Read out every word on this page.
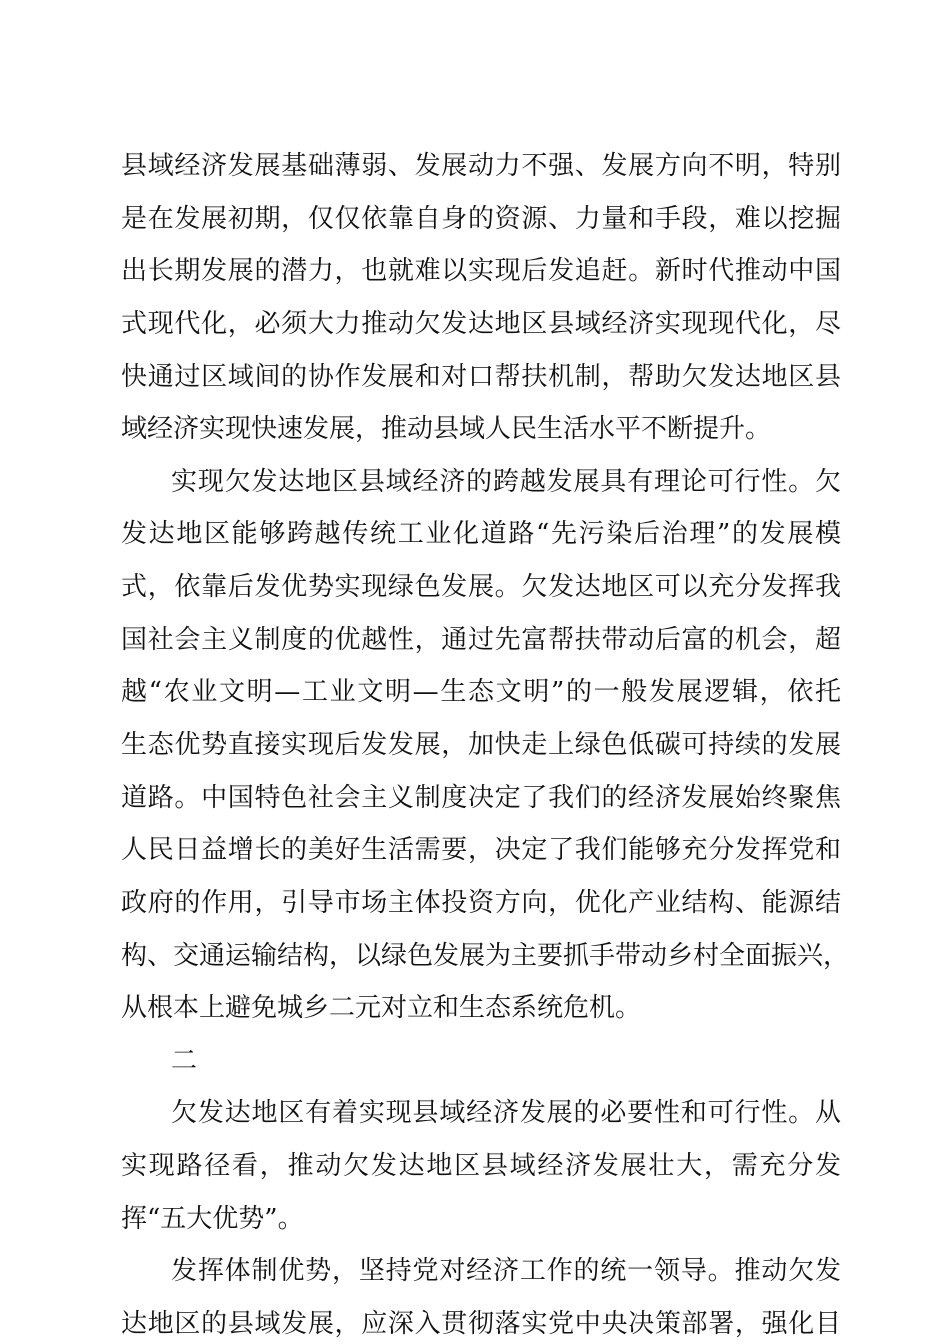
县域经济发展基础薄弱、发展动力不强、发展方向不明，特别
是在发展初期，仅仅依靠自身的资源、力量和手段，难以挖掘
出长期发展的潜力，也就难以实现后发追赶。新时代推动中国
式现代化，必须大力推动欠发达地区县域经济实现现代化，尽
快通过区域间的协作发展和对口帮扶机制，帮助欠发达地区县
域经济实现快速发展，推动县域人民生活水平不断提升。
实现欠发达地区县域经济的跨越发展具有理论可行性。欠
发达地区能够跨越传统工业化道路“先污染后治理”的发展模
式，依靠后发优势实现绿色发展。欠发达地区可以充分发挥我
国社会主义制度的优越性，通过先富帮扶带动后富的机会，超
越“农业文明—工业文明—生态文明”的一般发展逻辑，依托
生态优势直接实现后发发展，加快走上绿色低碳可持续的发展
道路。中国特色社会主义制度决定了我们的经济发展始终聚焦
人民日益增长的美好生活需要，决定了我们能够充分发挥党和
政府的作用，引导市场主体投资方向，优化产业结构、能源结
构、交通运输结构，以绿色发展为主要抓手带动乡村全面振兴，
从根本上避免城乡二元对立和生态系统危机。
二
欠发达地区有着实现县域经济发展的必要性和可行性。从
实现路径看，推动欠发达地区县域经济发展壮大，需充分发
挥“五大优势”。
发挥体制优势，坚持党对经济工作的统一领导。推动欠发
达地区的县域发展，应深入贯彻落实党中央决策部署，强化目
